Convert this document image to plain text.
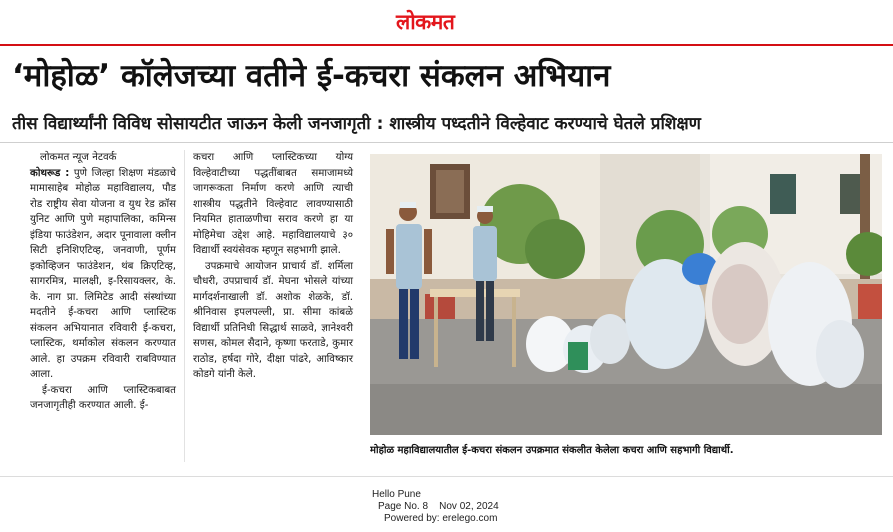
लोकमत
‘मोहोळ’ कॉलेजच्या वतीने ई-कचरा संकलन अभियान
तीस विद्यार्थ्यांनी विविध सोसायटीत जाऊन केली जनजागृती : शास्त्रीय पध्दतीने विल्हेवाट करण्याचे घेतले प्रशिक्षण
लोकमत न्यूज नेटवर्क
कोथरूड : पुणे जिल्हा शिक्षण मंडळाचे मामासाहेब मोहोळ महाविद्यालय, पौड रोड राष्ट्रीय सेवा योजना व युथ रेड क्रॉस युनिट आणि पुणे महापालिका, कमिन्स इंडिया फाउंडेशन, अदार पूनावाला क्लीन सिटी इनिशिएटिव्ह, जनवाणी, पूर्णम इकोव्हिजन फाउंडेशन, थंब क्रिएटिव्ह, सागरमित्र, मालक्षी, इ-रिसायक्लर, के. के. नाग प्रा. लिमिटेड आदी संस्थांच्या मदतीने ई-कचरा आणि प्लास्टिक संकलन अभियानात रविवारी ई-कचरा, प्लास्टिक, थर्माकोल संकलन करण्यात आले. हा उपक्रम रविवारी राबविण्यात आला.
ई-कचरा आणि प्लास्टिकबाबत जनजागृतीही करण्यात आली. ई-
कचरा आणि प्लास्टिकच्या योग्य विल्हेवाटीच्या पद्धतींबाबत समाजामध्ये जागरूकता निर्माण करणे आणि त्याची शास्त्रीय पद्धतीने विल्हेवाट लावण्यासाठी नियमित हाताळणीचा सराव करणे हा या मोहिमेचा उद्देश आहे. महाविद्यालयाचे ३० विद्यार्थी स्वयंसेवक म्हणून सहभागी झाले.
उपक्रमाचे आयोजन प्राचार्य डॉ. शर्मिला चौधरी, उपप्राचार्य डॉ. मेघना भोसले यांच्या मार्गदर्शनाखाली डॉ. अशोक शेळके, डॉ. श्रीनिवास इपलपल्ली, प्रा. सीमा कांबळे विद्यार्थी प्रतिनिधी सिद्धार्थ साळवे, ज्ञानेश्वरी सणस, कोमल सैदाने, कृष्णा फरताडे, कुमार राठोड, हर्षदा गोरे, दीक्षा पांढरे, आविष्कार कोडगे यांनी केले.
मोहोळ महाविद्यालयातील ई-कचरा संकलन उपक्रमात संकलीत केलेला कचरा आणि सहभागी विद्यार्थी.
Hello Pune
Page No. 8    Nov 02, 2024
Powered by: erelego.com
